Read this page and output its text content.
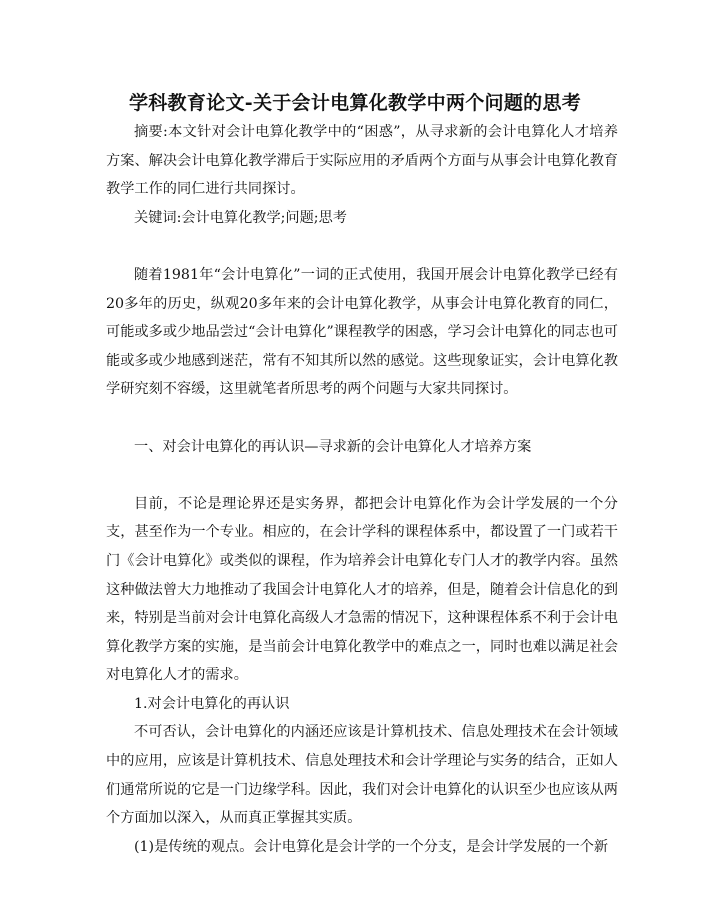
学科教育论文-关于会计电算化教学中两个问题的思考

摘要:本文针对会计电算化教学中的“困惑”，从寻求新的会计电算化人才培养方案、解决会计电算化教学滞后于实际应用的矛盾两个方面与从事会计电算化教育教学工作的同仁进行共同探讨。

关键词:会计电算化教学;问题;思考

随着1981年“会计电算化”一词的正式使用，我国开展会计电算化教学已经有20多年的历史，纵观20多年来的会计电算化教学，从事会计电算化教育的同仁，可能或多或少地品尝过“会计电算化”课程教学的困惑，学习会计电算化的同志也可能或多或少地感到迷茫，常有不知其所以然的感觉。这些现象证实，会计电算化教学研究刻不容缓，这里就笔者所思考的两个问题与大家共同探讨。

一、对会计电算化的再认识—寻求新的会计电算化人才培养方案

目前，不论是理论界还是实务界，都把会计电算化作为会计学发展的一个分支，甚至作为一个专业。相应的，在会计学科的课程体系中，都设置了一门或若干门《会计电算化》或类似的课程，作为培养会计电算化专门人才的教学内容。虽然这种做法曾大力地推动了我国会计电算化人才的培养，但是，随着会计信息化的到来，特别是当前对会计电算化高级人才急需的情况下，这种课程体系不利于会计电算化教学方案的实施，是当前会计电算化教学中的难点之一，同时也难以满足社会对电算化人才的需求。

1.对会计电算化的再认识

不可否认，会计电算化的内涵还应该是计算机技术、信息处理技术在会计领域中的应用，应该是计算机技术、信息处理技术和会计学理论与实务的结合，正如人们通常所说的它是一门边缘学科。因此，我们对会计电算化的认识至少也应该从两个方面加以深入，从而真正掌握其实质。

(1)是传统的观点。会计电算化是会计学的一个分支，是会计学发展的一个新
